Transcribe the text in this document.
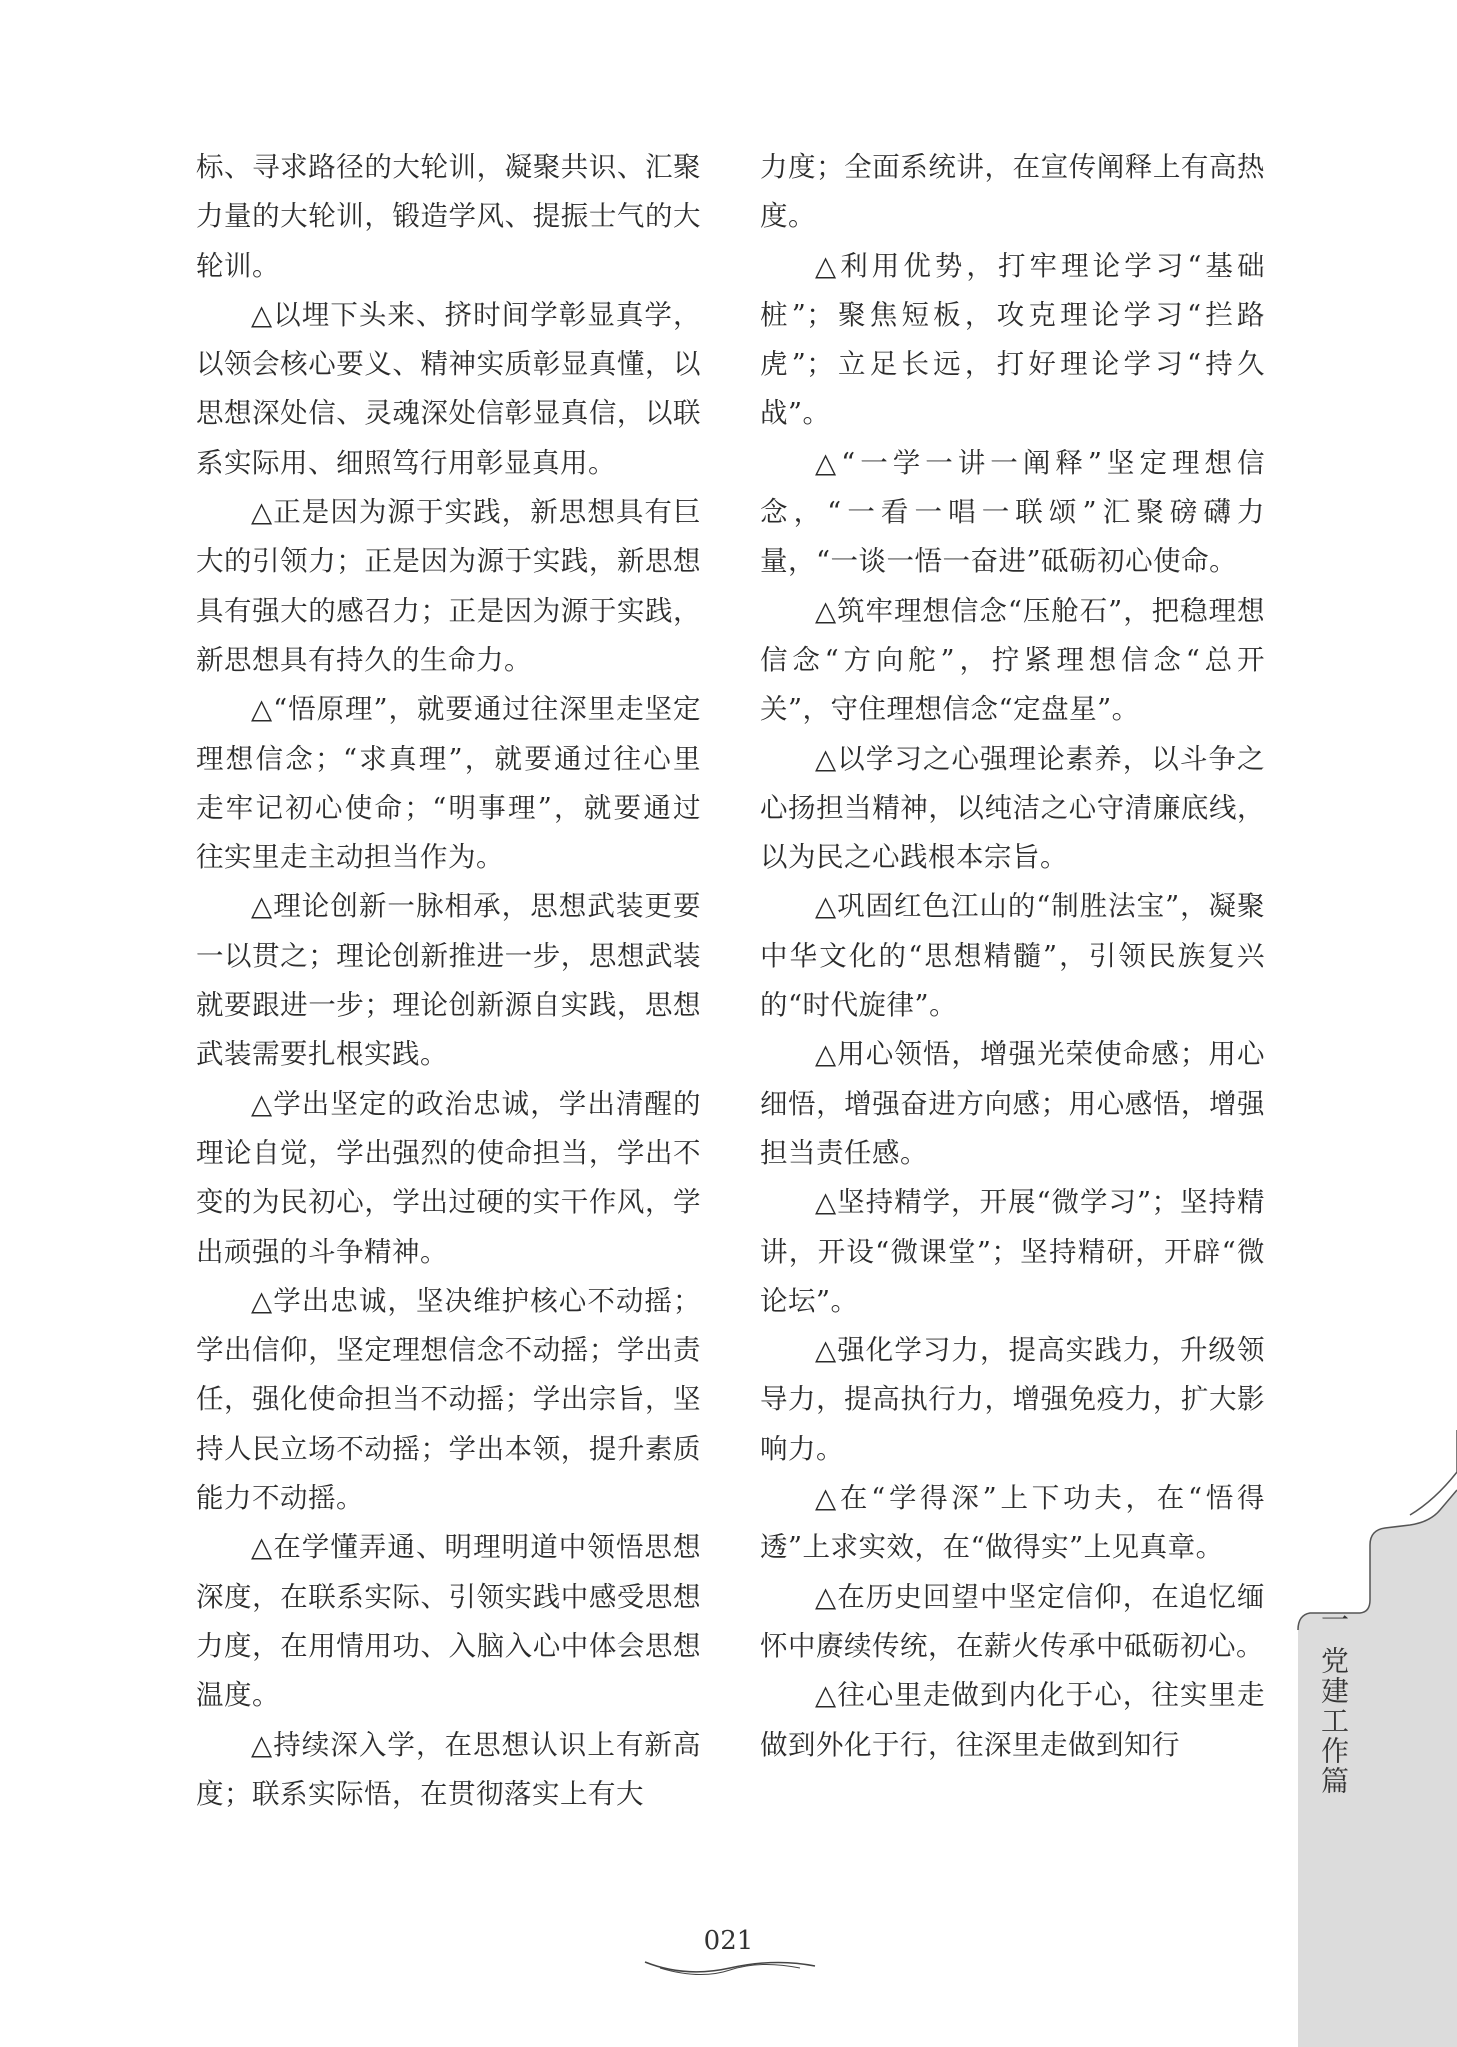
标、寻求路径的大轮训，凝聚共识、汇聚力量的大轮训，锻造学风、提振士气的大轮训。

△以埋下头来、挤时间学彰显真学，以领会核心要义、精神实质彰显真懂，以思想深处信、灵魂深处信彰显真信，以联系实际用、细照笃行用彰显真用。

△正是因为源于实践，新思想具有巨大的引领力；正是因为源于实践，新思想具有强大的感召力；正是因为源于实践，新思想具有持久的生命力。

△“悟原理”，就要通过往深里走坚定理想信念；“求真理”，就要通过往心里走牢记初心使命；“明事理”，就要通过往实里走主动担当作为。

△理论创新一脉相承，思想武装更要一以贯之；理论创新推进一步，思想武装就要跟进一步；理论创新源自实践，思想武装需要扎根实践。

△学出坚定的政治忠诚，学出清醒的理论自觉，学出强烈的使命担当，学出不变的为民初心，学出过硬的实干作风，学出顽强的斗争精神。

△学出忠诚，坚决维护核心不动摇；学出信仰，坚定理想信念不动摇；学出责任，强化使命担当不动摇；学出宗旨，坚持人民立场不动摇；学出本领，提升素质能力不动摇。

△在学懂弄通、明理明道中领悟思想深度，在联系实际、引领实践中感受思想力度，在用情用功、入脑入心中体会思想温度。

△持续深入学，在思想认识上有新高度；联系实际悟，在贯彻落实上有大

力度；全面系统讲，在宣传阐释上有高热度。

△利用优势，打牢理论学习“基础桩”；聚焦短板，攻克理论学习“拦路虎”；立足长远，打好理论学习“持久战”。

△“一学一讲一阐释”坚定理想信念，“一看一唱一联颂”汇聚磅礴力量，“一谈一悟一奋进”砥砺初心使命。

△筑牢理想信念“压舱石”，把稳理想信念“方向舵”，拧紧理想信念“总开关”，守住理想信念“定盘星”。

△以学习之心强理论素养，以斗争之心扬担当精神，以纯洁之心守清廉底线，以为民之心践根本宗旨。

△巩固红色江山的“制胜法宝”，凝聚中华文化的“思想精髓”，引领民族复兴的“时代旋律”。

△用心领悟，增强光荣使命感；用心细悟，增强奋进方向感；用心感悟，增强担当责任感。

△坚持精学，开展“微学习”；坚持精讲，开设“微课堂”；坚持精研，开辟“微论坛”。

△强化学习力，提高实践力，升级领导力，提高执行力，增强免疫力，扩大影响力。

△在“学得深”上下功夫，在“悟得透”上求实效，在“做得实”上见真章。

△在历史回望中坚定信仰，在追忆缅怀中赓续传统，在薪火传承中砥砺初心。

△往心里走做到内化于心，往实里走做到外化于行，往深里走做到知行

021
一 党建工作篇
